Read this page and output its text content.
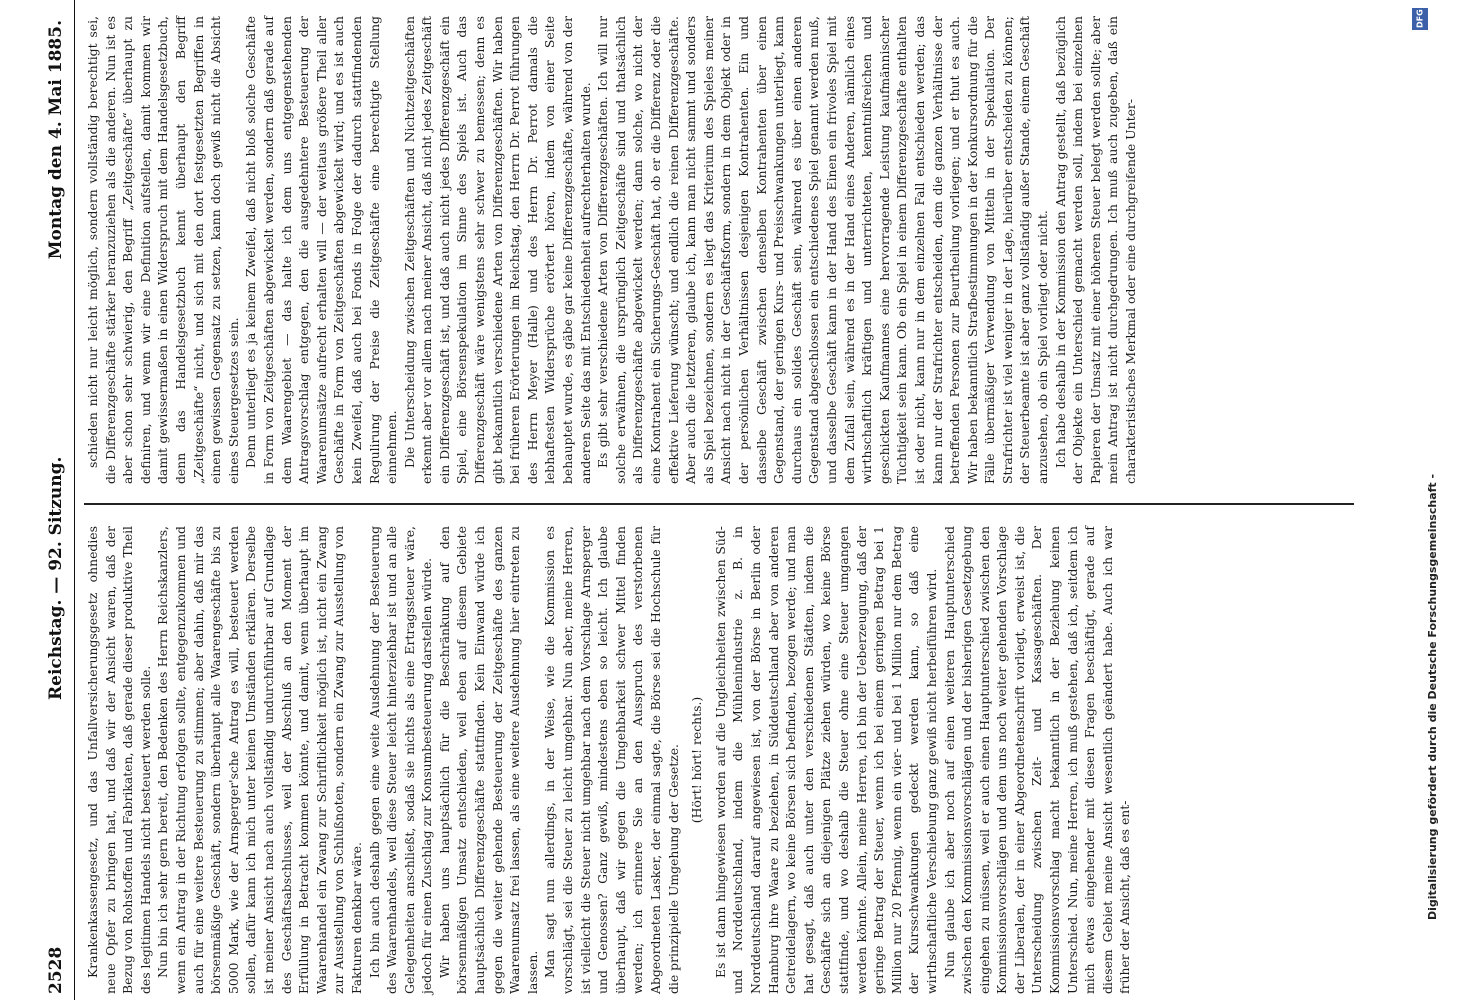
2528
Reichstag. — 92. Sitzung.
Montag den 4. Mai 1885.

Krankenkassengesetz, und das Unfallversicherungsgesetz ohnedies neue Opfer zu bringen hat, und daß wir der Ansicht waren, daß der Bezug von Rohstoffen und Fabrikaten, daß gerade dieser produktive Theil des legitimen Handels nicht besteuert werden solle. Nun bin ich sehr gern bereit, den Bedenken des Herrn Reichskanzlers, wenn ein Antrag in der Richtung erfolgen sollte, entgegenzukommen und auch für eine weitere Besteuerung zu stimmen; aber dahin, daß mir das börsenmäßige Geschäft, sondern überhaupt alle Waarengeschäfte bis zu 5000 Mark, wie der Arnsperger'sche Antrag es will, besteuert werden sollen, dafür kann ich mich unter keinen Umständen erklären. Derselbe ist meiner Ansicht nach auch vollständig undurchführbar auf Grundlage des Geschäftsabschlusses, weil der Abschluß an den Moment der Erfüllung in Betracht kommen könnte, und damit, wenn überhaupt im Waarenhandel ein Zwang zur Schriftlichkeit möglich ist, nicht ein Zwang zur Ausstellung von Schlußnoten, sondern ein Zwang zur Ausstellung von Fakturen denkbar wäre. Ich bin auch deshalb gegen eine weite Ausdehnung der Besteuerung des Waarenhandels, weil diese Steuer leicht hinterziehbar ist und an alle Gelegenheiten anschließt, sodaß sie nichts als eine Ertragssteuer wäre, jedoch für einen Zuschlag zur Konsumbesteuerung darstellen würde. Wir haben uns hauptsächlich für die Beschränkung auf den börsenmäßigen Umsatz entschieden, weil eben auf diesem Gebiete hauptsächlich Differenzgeschäfte stattfinden. Kein Einwand würde ich gegen die weiter gehende Besteuerung der Zeitgeschäfte des ganzen Waarenumsatz frei lassen, als eine weitere Ausdehnung hier eintreten zu lassen. Man sagt nun allerdings, in der Weise, wie die Kommission es vorschlägt, sei die Steuer zu leicht umgehbar. Nun aber, meine Herren, ist vielleicht die Steuer nicht umgehbar nach dem Vorschlage Arnsperger und Genossen? Ganz gewiß, mindestens eben so leicht. Ich glaube überhaupt, daß wir gegen die Umgehbarkeit schwer Mittel finden werden; ich erinnere Sie an den Ausspruch des verstorbenen Abgeordneten Lasker, der einmal sagte, die Börse sei die Hochschule für die prinzipielle Umgehung der Gesetze. (Hört! hört! rechts.) Es ist dann hingewiesen worden auf die Ungleichheiten zwischen Süd- und Norddeutschland, indem die Mühlenindustrie z. B. in Norddeutschland darauf angewiesen ist, von der Börse in Berlin oder Hamburg ihre Waare zu beziehen, in Süddeutschland aber von anderen Getreidelagern, wo keine Börsen sich befinden, bezogen werde; und man hat gesagt, daß auch unter den verschiedenen Städten, indem die Geschäfte sich an diejenigen Plätze ziehen würden, wo keine Börse stattfinde, und wo deshalb die Steuer ohne eine Steuer umgangen werden könnte. Allein, meine Herren, ich bin der Ueberzeugung, daß der geringe Betrag der Steuer, wenn ich bei einem geringen Betrag bei 1 Million nur 20 Pfennig, wenn ein vier- und bei 1 Million nur dem Betrag der Kursschwankungen gedeckt werden kann, so daß eine wirthschaftliche Verschiebung ganz gewiß nicht herbeiführen wird. Nun glaube ich aber noch auf einen weiteren Hauptunterschied zwischen den Kommissionsvorschlägen und der bisherigen Gesetzgebung eingehen zu müssen, weil er auch einen Hauptunterschied zwischen den Kommissionsvorschlägen und dem uns noch weiter gehenden Vorschlage der Liberalen, der in einer Abgeordnetenschrift vorliegt, erweist ist, die Unterscheidung zwischen Zeit- und Kassageschäften. Der Kommissionsvorschlag macht bekanntlich in der Beziehung keinen Unterschied. Nun, meine Herren, ich muß gestehen, daß ich, seitdem ich mich etwas eingehender mit diesen Fragen beschäftigt, gerade auf diesem Gebiet meine Ansicht wesentlich geändert habe. Auch ich war früher der Ansicht, daß es ent-

schieden nicht nur leicht möglich, sondern vollständig berechtigt sei, die Differenzgeschäfte stärker heranzuziehen als die anderen. Nun ist es aber schon sehr schwierig, den Begriff „Zeitgeschäfte“ überhaupt zu definiren, und wenn wir eine Definition aufstellen, damit kommen wir damit gewissermaßen in einen Widerspruch mit dem Handelsgesetzbuch, denn das Handelsgesetzbuch kennt überhaupt den Begriff „Zeitgeschäfte“ nicht, und sich mit den dort festgesetzten Begriffen in einen gewissen Gegensatz zu setzen, kann doch gewiß nicht die Absicht eines Steuergesetzes sein. Denn unterliegt es ja keinem Zweifel, daß nicht bloß solche Geschäfte in Form von Zeitgeschäften abgewickelt werden, sondern daß gerade auf dem Waarengebiet — das halte ich dem uns entgegenstehenden Antragsvorschlag entgegen, den die ausgedehntere Besteuerung der Waarenumsätze aufrecht erhalten will — der weitaus größere Theil aller Geschäfte in Form von Zeitgeschäften abgewickelt wird; und es ist auch kein Zweifel, daß auch bei Fonds in Folge der dadurch stattfindenden Regulirung der Preise die Zeitgeschäfte eine berechtigte Stellung einnehmen. Die Unterscheidung zwischen Zeitgeschäften und Nichtzeitgeschäften erkennt aber vor allem nach meiner Ansicht, daß nicht jedes Zeitgeschäft ein Differenzgeschäft ist, und daß auch nicht jedes Differenzgeschäft ein Spiel, eine Börsenspekulation im Sinne des Spiels ist. Auch das Differenzgeschäft wäre wenigstens sehr schwer zu bemessen; denn es gibt bekanntlich verschiedene Arten von Differenzgeschäften. Wir haben bei früheren Erörterungen im Reichstag, den Herrn Dr. Perrot führungen des Herrn Meyer (Halle) und des Herrn Dr. Perrot damals die lebhaftesten Widersprüche erörtert hören, indem von einer Seite behauptet wurde, es gäbe gar keine Differenzgeschäfte, während von der anderen Seite das mit Entschiedenheit aufrechterhalten wurde. Es gibt sehr verschiedene Arten von Differenzgeschäften. Ich will nur solche erwähnen, die ursprünglich Zeitgeschäfte sind und thatsächlich als Differenzgeschäfte abgewickelt werden; dann solche, wo nicht der eine Kontrahent ein Sicherungs-Geschäft hat, ob er die Differenz oder die effektive Lieferung wünscht; und endlich die reinen Differenzgeschäfte. Aber auch die letzteren, glaube ich, kann man nicht sammt und sonders als Spiel bezeichnen, sondern es liegt das Kriterium des Spieles meiner Ansicht nach nicht in der Geschäftsform, sondern in dem Objekt oder in der persönlichen Verhältnissen desjenigen Kontrahenten. Ein und dasselbe Geschäft zwischen denselben Kontrahenten über einen Gegenstand, der geringen Kurs- und Preisschwankungen unterliegt, kann durchaus ein solides Geschäft sein, während es über einen anderen Gegenstand abgeschlossen ein entschiedenes Spiel genannt werden muß, und dasselbe Geschäft kann in der Hand des Einen ein frivoles Spiel mit dem Zufall sein, während es in der Hand eines Anderen, nämlich eines wirthschaftlich kräftigen und unterrichteten, kenntnißreichen und geschickten Kaufmannes eine hervorragende Leistung kaufmännischer Tüchtigkeit sein kann. Ob ein Spiel in einem Differenzgeschäfte enthalten ist oder nicht, kann nur in dem einzelnen Fall entschieden werden; das kann nur der Strafrichter entscheiden, dem die ganzen Verhältnisse der betreffenden Personen zur Beurtheilung vorliegen; und er thut es auch. Wir haben bekanntlich Strafbestimmungen in der Konkursordnung für die Fälle übermäßiger Verwendung von Mitteln in der Spekulation. Der Strafrichter ist viel weniger in der Lage, hierüber entscheiden zu können; der Steuerbeamte ist aber ganz vollständig außer Stande, einem Geschäft anzusehen, ob ein Spiel vorliegt oder nicht. Ich habe deshalb in der Kommission den Antrag gestellt, daß bezüglich der Objekte ein Unterschied gemacht werden soll, indem bei einzelnen Papieren der Umsatz mit einer höheren Steuer belegt werden sollte; aber mein Antrag ist nicht durchgedrungen. Ich muß auch zugeben, daß ein charakteristisches Merkmal oder eine durchgreifende Unter-

Digitalisierung gefördert durch die Deutsche Forschungsgemeinschaft -
DFG
